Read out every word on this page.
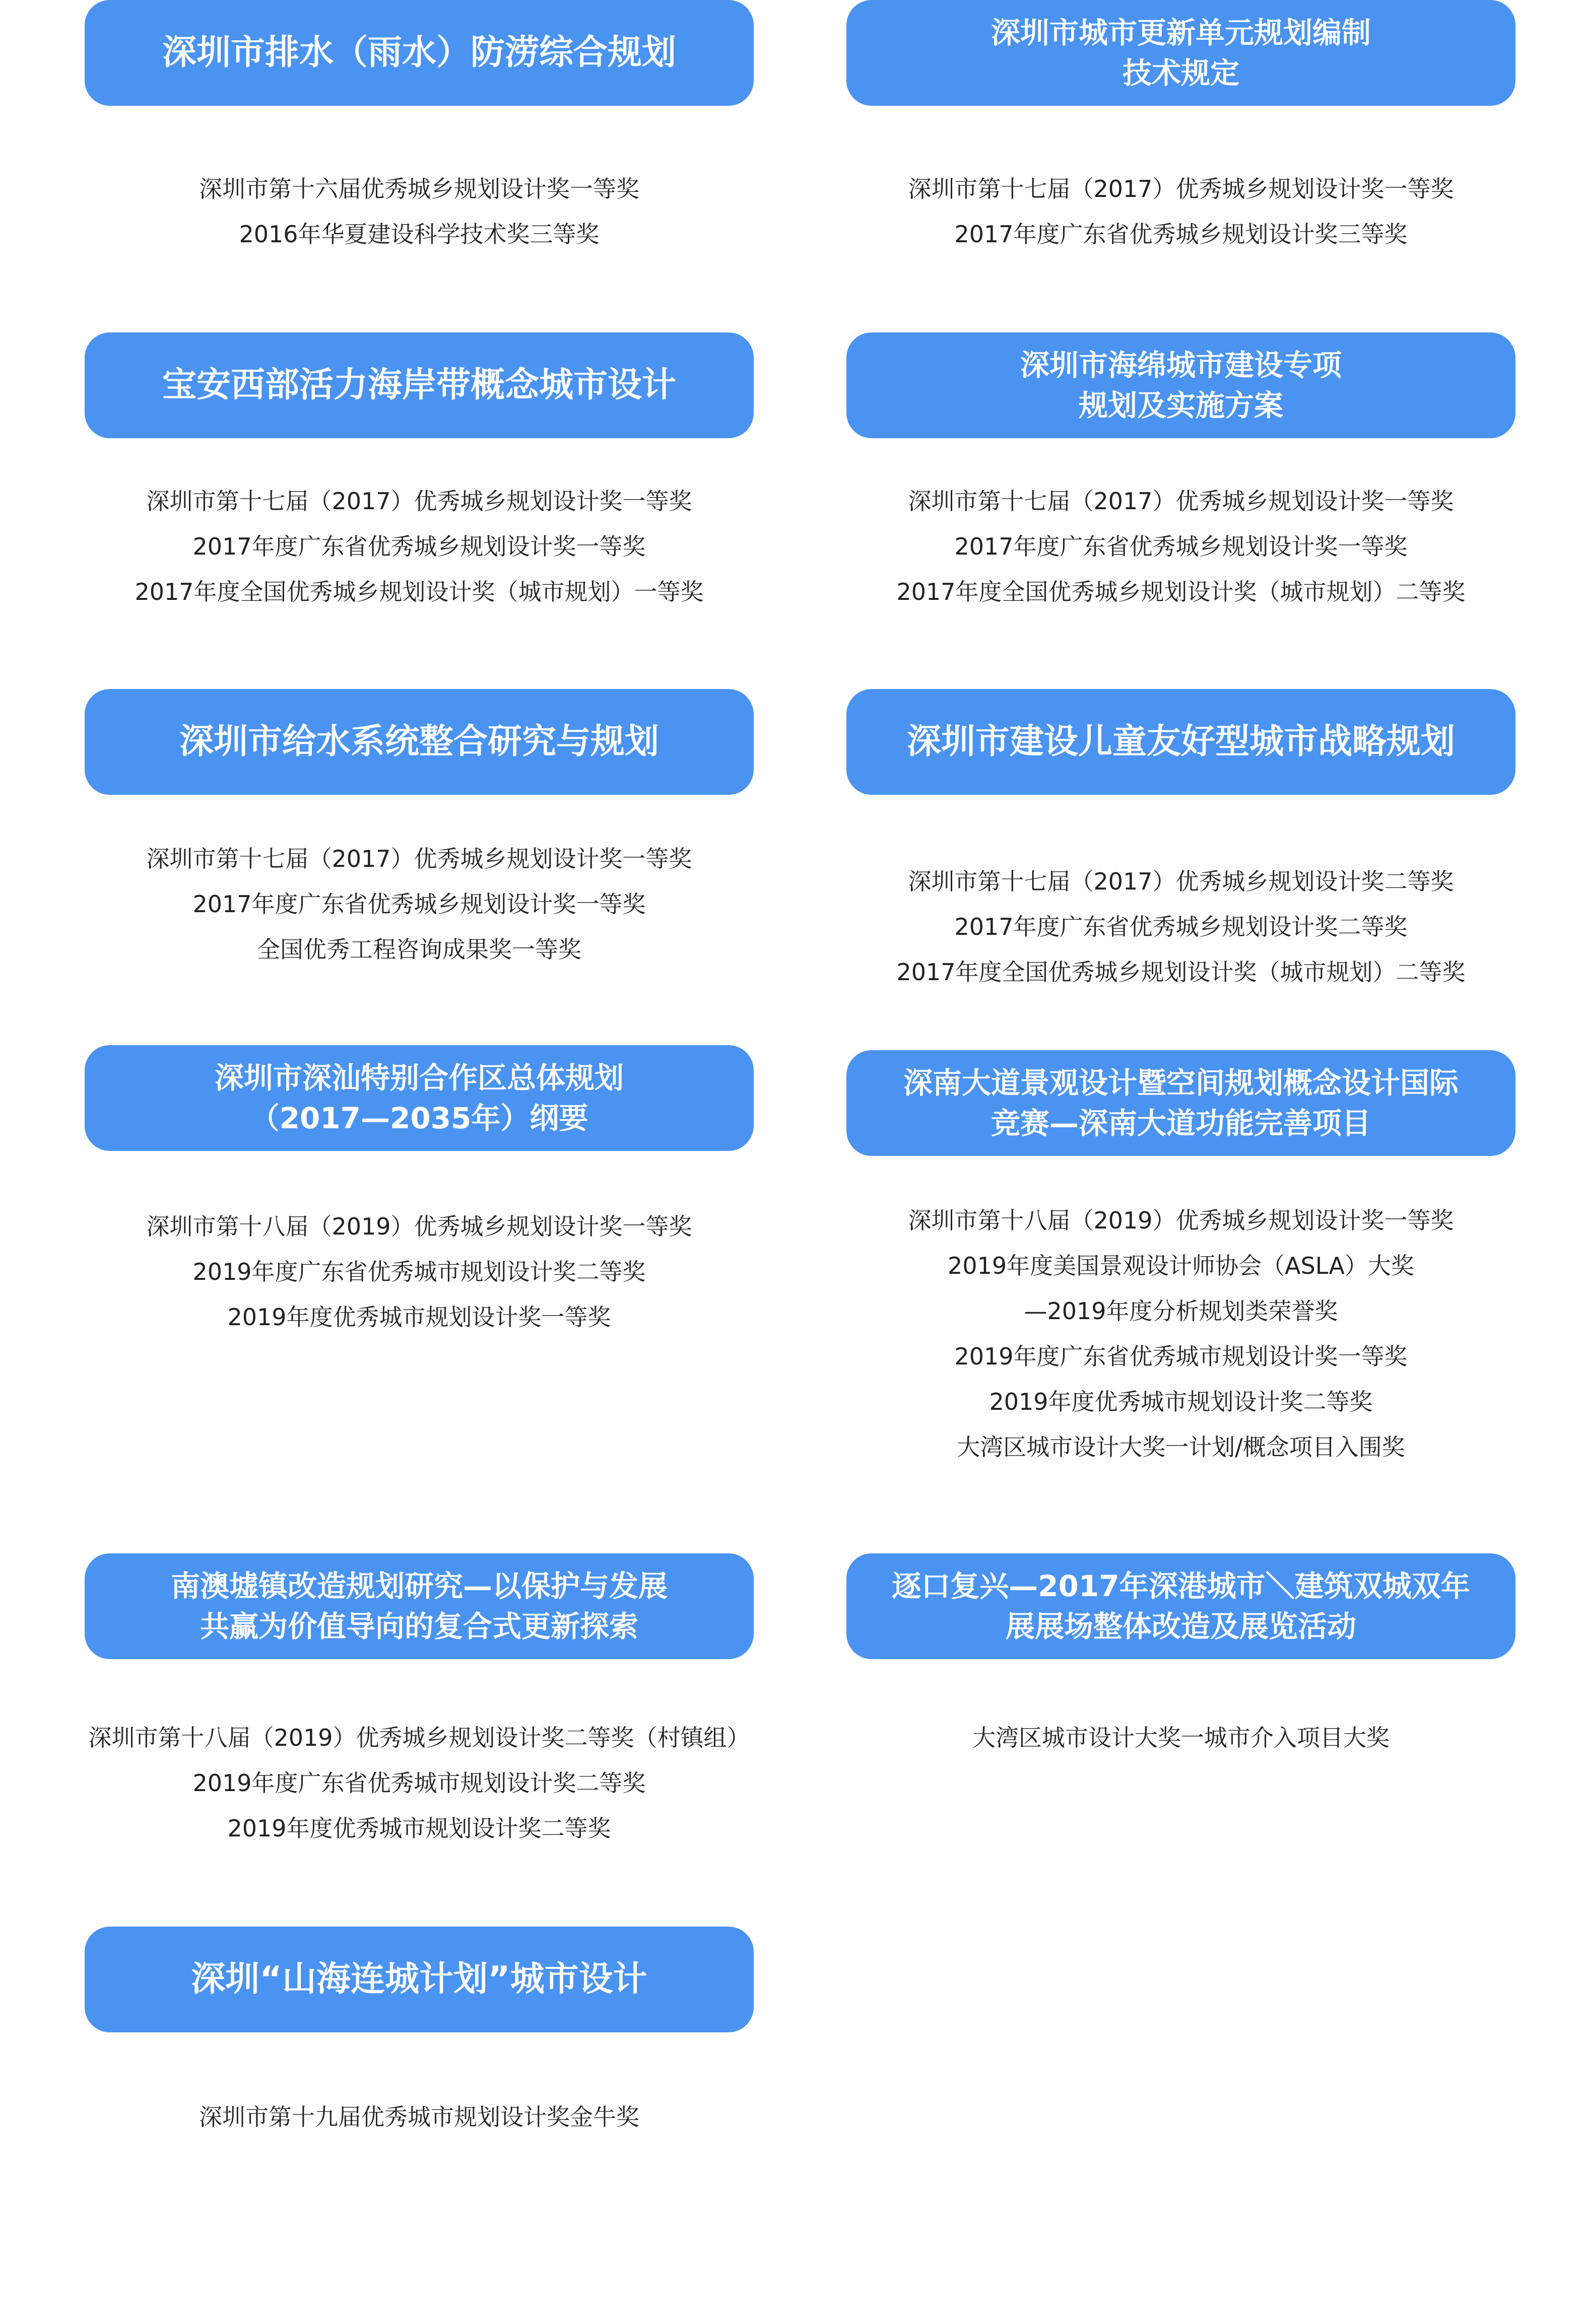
深圳市排水（雨水）防涝综合规划
深圳市第十六届优秀城乡规划设计奖一等奖
2016年华夏建设科学技术奖三等奖
深圳市城市更新单元规划编制
技术规定
深圳市第十七届（2017）优秀城乡规划设计奖一等奖
2017年度广东省优秀城乡规划设计奖三等奖
宝安西部活力海岸带概念城市设计
深圳市第十七届（2017）优秀城乡规划设计奖一等奖
2017年度广东省优秀城乡规划设计奖一等奖
2017年度全国优秀城乡规划设计奖（城市规划）一等奖
深圳市海绵城市建设专项
规划及实施方案
深圳市第十七届（2017）优秀城乡规划设计奖一等奖
2017年度广东省优秀城乡规划设计奖一等奖
2017年度全国优秀城乡规划设计奖（城市规划）二等奖
深圳市给水系统整合研究与规划
深圳市第十七届（2017）优秀城乡规划设计奖一等奖
2017年度广东省优秀城乡规划设计奖一等奖
全国优秀工程咨询成果奖一等奖
深圳市建设儿童友好型城市战略规划
深圳市第十七届（2017）优秀城乡规划设计奖二等奖
2017年度广东省优秀城乡规划设计奖二等奖
2017年度全国优秀城乡规划设计奖（城市规划）二等奖
深圳市深汕特别合作区总体规划
（2017—2035年）纲要
深圳市第十八届（2019）优秀城乡规划设计奖一等奖
2019年度广东省优秀城市规划设计奖二等奖
2019年度优秀城市规划设计奖一等奖
深南大道景观设计暨空间规划概念设计国际
竞赛—深南大道功能完善项目
深圳市第十八届（2019）优秀城乡规划设计奖一等奖
2019年度美国景观设计师协会（ASLA）大奖
—2019年度分析规划类荣誉奖
2019年度广东省优秀城市规划设计奖一等奖
2019年度优秀城市规划设计奖二等奖
大湾区城市设计大奖一计划/概念项目入围奖
南澳墟镇改造规划研究—以保护与发展
共赢为价值导向的复合式更新探索
深圳市第十八届（2019）优秀城乡规划设计奖二等奖（村镇组）
2019年度广东省优秀城市规划设计奖二等奖
2019年度优秀城市规划设计奖二等奖
逐口复兴—2017年深港城市＼建筑双城双年
展展场整体改造及展览活动
大湾区城市设计大奖一城市介入项目大奖
深圳“山海连城计划”城市设计
深圳市第十九届优秀城市规划设计奖金牛奖
